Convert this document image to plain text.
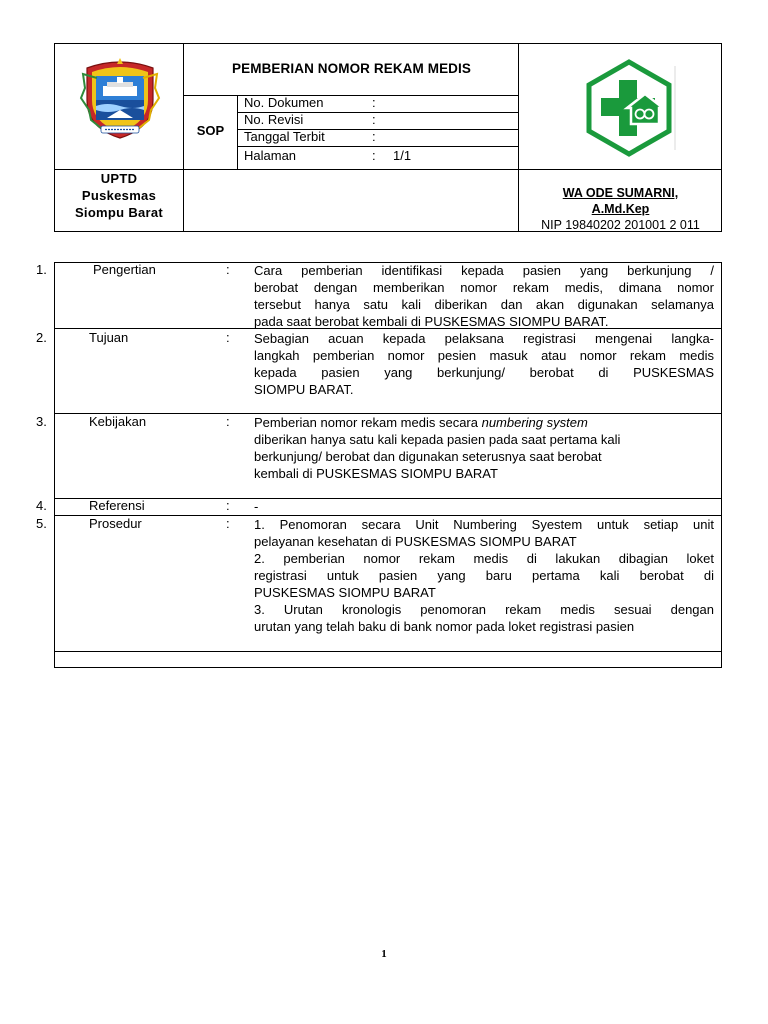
PEMBERIAN NOMOR REKAM MEDIS
SOP
No. Dokumen	:
No. Revisi	:
Tanggal Terbit	:
Halaman	: 1/1
UPTD
Puskesmas
Siompu Barat
WA ODE SUMARNI,
A.Md.Kep
NIP 19840202 201001 2 011
1.	Pengertian	: Cara pemberian identifikasi kepada pasien yang berkunjung /

berobat dengan memberikan nomor rekam medis, dimana nomor

tersebut hanya satu kali diberikan dan akan digunakan selamanya

pada saat berobat kembali di PUSKESMAS SIOMPU BARAT.

2.	Tujuan	: Sebagian acuan kepada pelaksana registrasi mengenai langka-

langkah pemberian nomor pesien masuk atau nomor rekam medis

kepada pasien yang berkunjung/ berobat di PUSKESMAS

SIOMPU BARAT.

3.	Kebijakan	: Pemberian nomor rekam medis secara numbering system

diberikan hanya satu kali kepada pasien pada saat pertama kali

berkunjung/ berobat dan digunakan seterusnya saat berobat

kembali di PUSKESMAS SIOMPU BARAT

4.	Referensi	: -
5.	Prosedur	: 1. Penomoran secara Unit Numbering Syestem untuk setiap unit

pelayanan kesehatan di PUSKESMAS SIOMPU BARAT

2. pemberian nomor rekam medis di lakukan dibagian loket

registrasi untuk pasien yang baru pertama kali berobat di

PUSKESMAS SIOMPU BARAT

3. Urutan kronologis penomoran rekam medis sesuai dengan

urutan yang telah baku di bank nomor pada loket registrasi pasien

1
